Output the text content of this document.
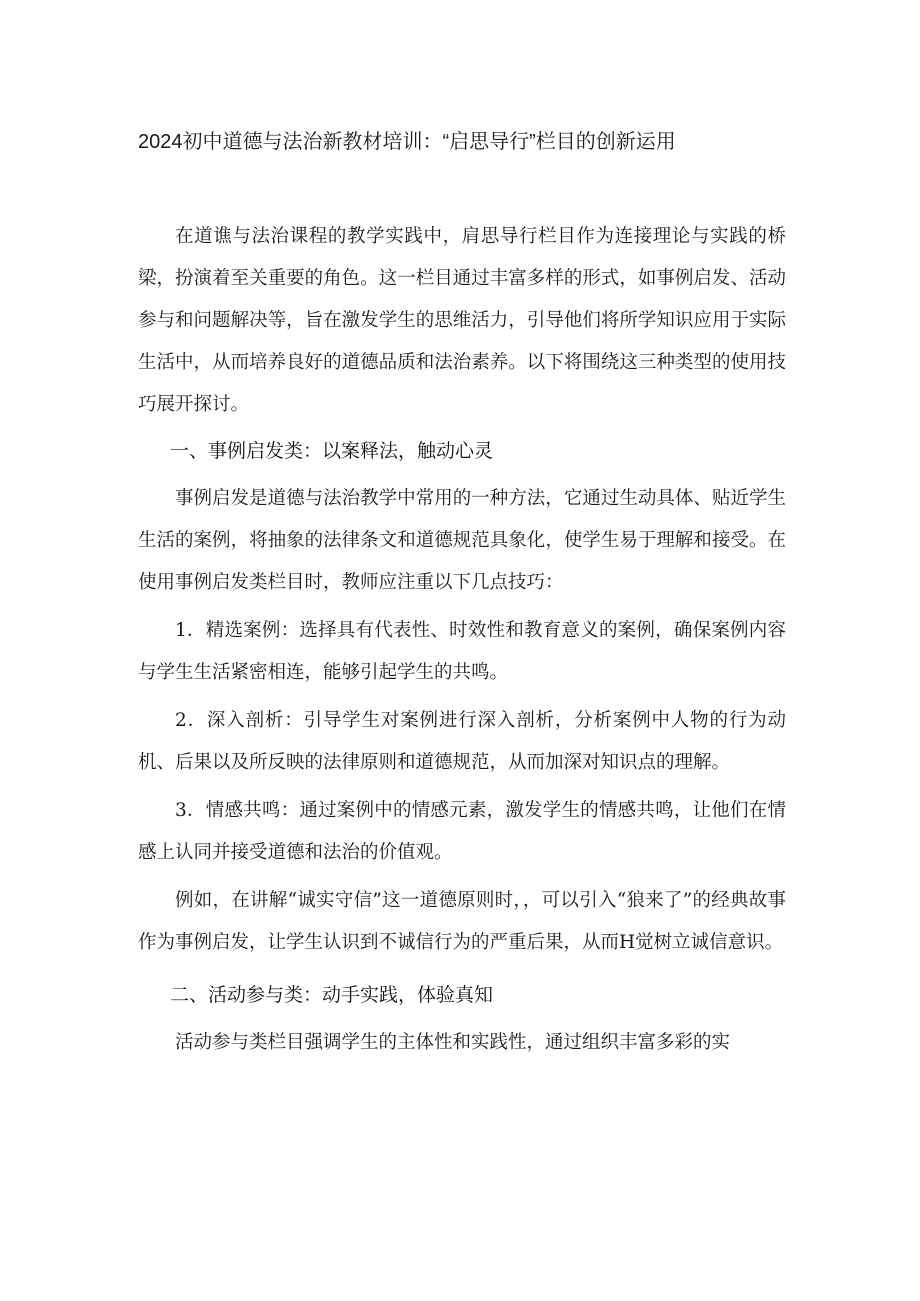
2024初中道德与法治新教材培训：“启思导行”栏目的创新运用

在道谯与法治课程的教学实践中，肩思导行栏目作为连接理论与实践的桥梁，扮演着至关重要的角色。这一栏目通过丰富多样的形式，如事例启发、活动参与和问题解决等，旨在激发学生的思维活力，引导他们将所学知识应用于实际生活中，从而培养良好的道德品质和法治素养。以下将围绕这三种类型的使用技巧展开探讨。

一、事例启发类：以案释法，触动心灵

事例启发是道德与法治教学中常用的一种方法，它通过生动具体、贴近学生生活的案例，将抽象的法律条文和道德规范具象化，使学生易于理解和接受。在使用事例启发类栏目时，教师应注重以下几点技巧：

1．精选案例：选择具有代表性、时效性和教育意义的案例，确保案例内容与学生生活紧密相连，能够引起学生的共鸣。

2．深入剖析：引导学生对案例进行深入剖析，分析案例中人物的行为动机、后果以及所反映的法律原则和道德规范，从而加深对知识点的理解。

3．情感共鸣：通过案例中的情感元素，激发学生的情感共鸣，让他们在情感上认同并接受道德和法治的价值观。

例如，在讲解“诚实守信”这一道德原则时，，可以引入“狼来了”的经典故事作为事例启发，让学生认识到不诚信行为的严重后果，从而H觉树立诚信意识。

二、活动参与类：动手实践，体验真知

活动参与类栏目强调学生的主体性和实践性，通过组织丰富多彩的实
